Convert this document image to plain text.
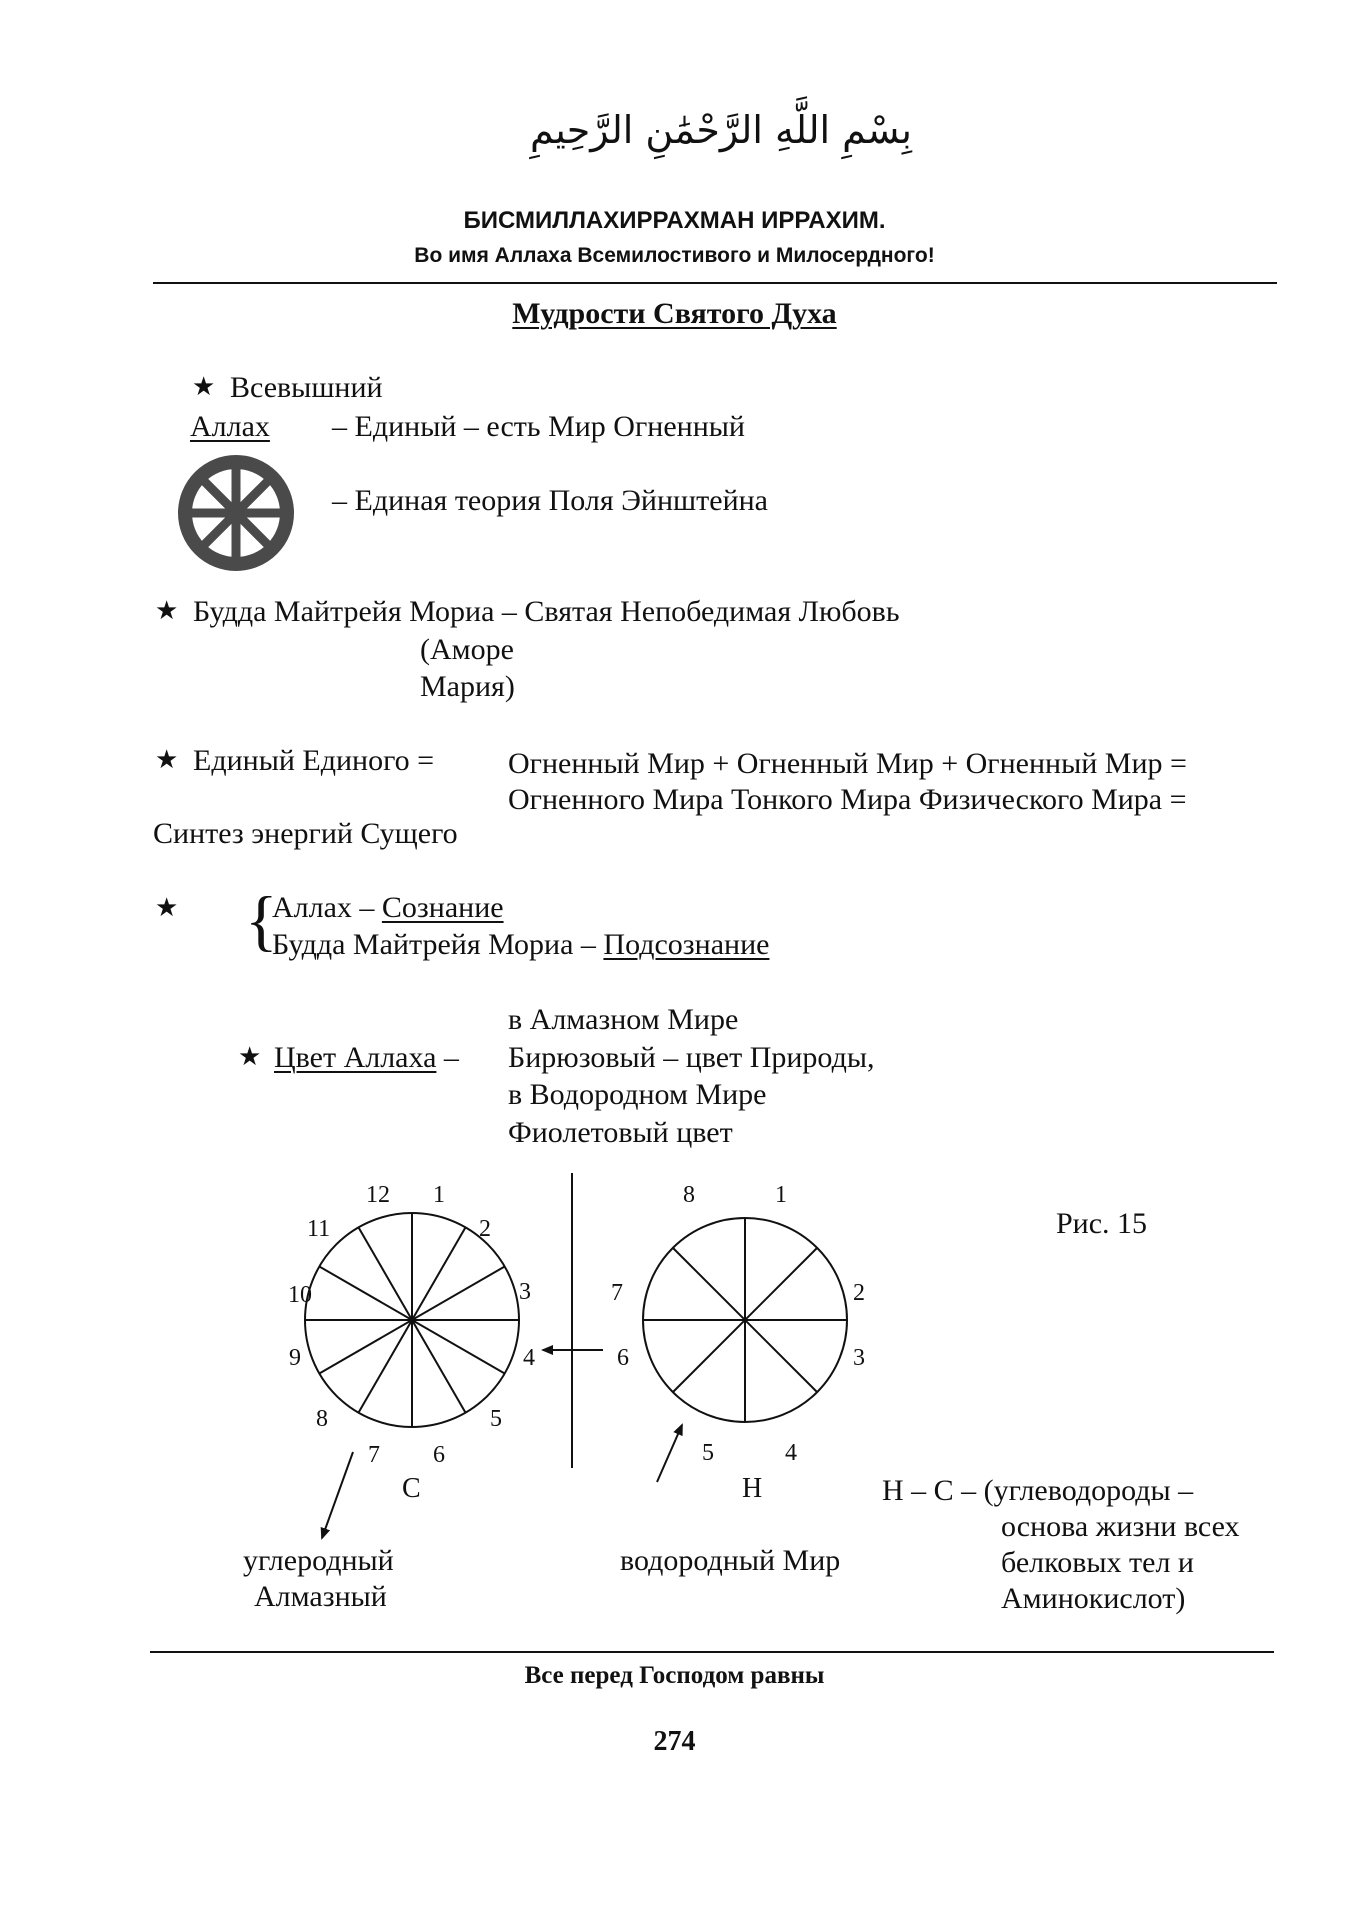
بِسْمِ اللَّهِ الرَّحْمَٰنِ الرَّحِيمِ
БИСМИЛЛАХИРРАХМАН ИРРАХИМ.
Во имя Аллаха Всемилостивого и Милосердного!
Мудрости Святого Духа
★ Всевышний
Аллах – Единый – есть Мир Огненный
– Единая теория Поля Эйнштейна
★ Будда Майтрейя Мориа – Святая Непобедимая Любовь
(Аморе
Мария)
★ Единый Единого = Огненный Мир + Огненный Мир + Огненный Мир =
Огненного Мира Тонкого Мира Физического Мира =
Синтез энергий Сущего
★ {
Аллах – Сознание
Будда Майтрейя Мориа – Подсознание
в Алмазном Мире
★ Цвет Аллаха – Бирюзовый – цвет Природы,
в Водородном Мире
Фиолетовый цвет
12 1
2
3
4
5
6
7
8
9
10
11
8	1
2
3
4
5
6
7
C	H
Рис. 15
углеродный
Алмазный
водородный Мир
Н – С – (углеводороды –
основа жизни всех
белковых тел и
Аминокислот)
Все перед Господом равны
274
